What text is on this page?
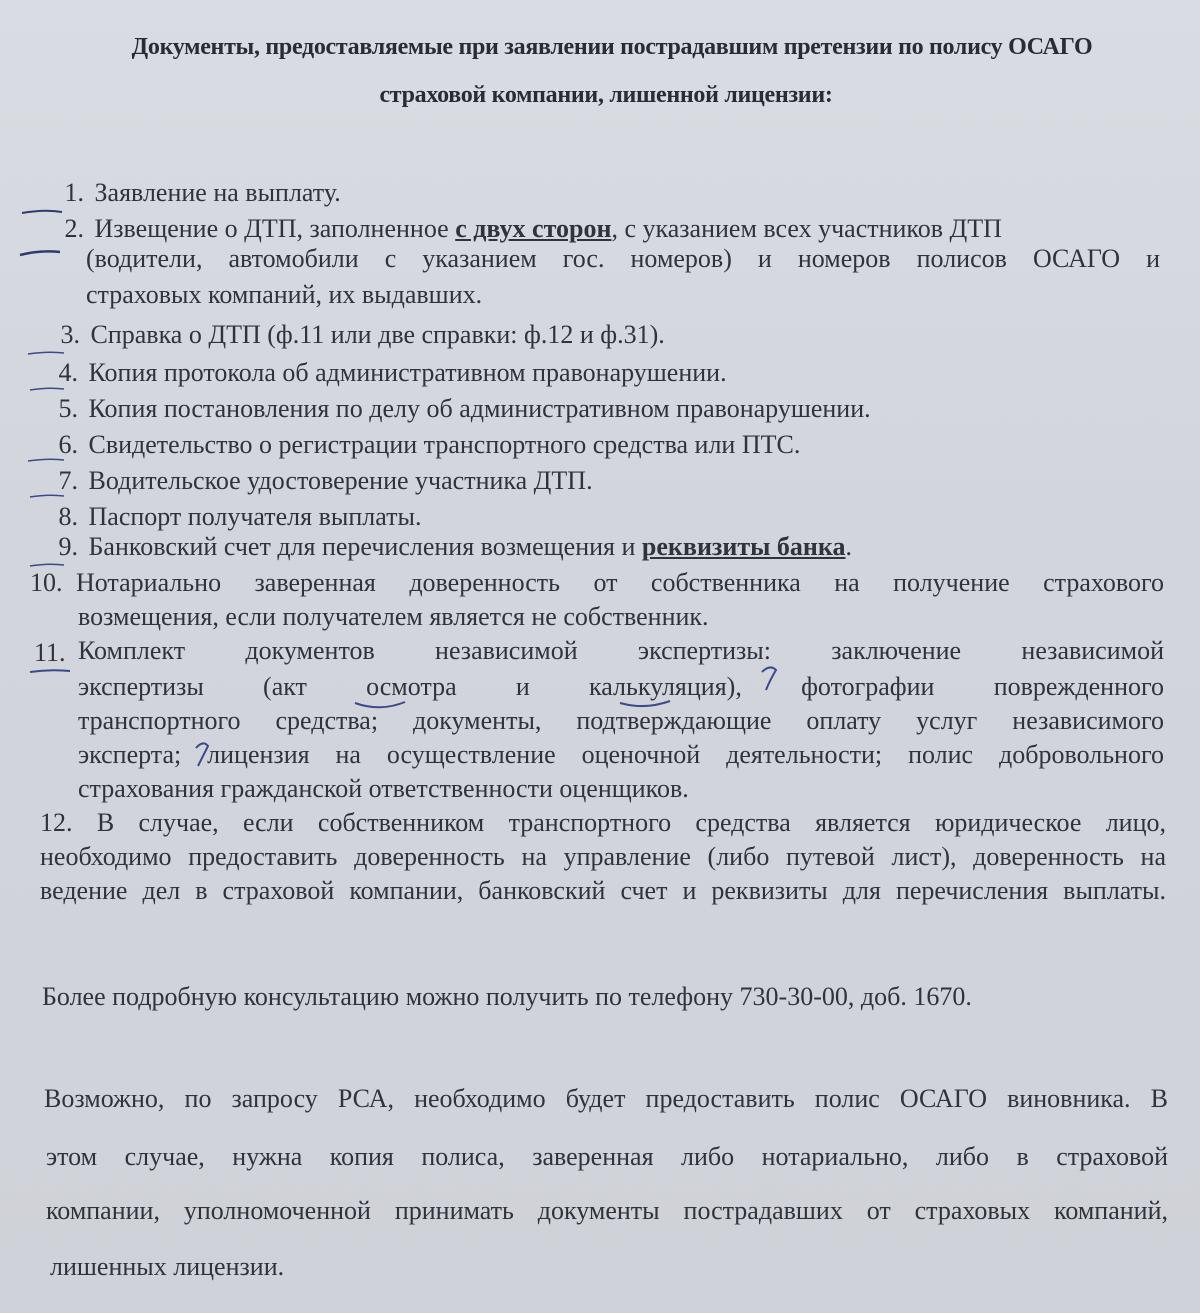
Документы, предоставляемые при заявлении пострадавшим претензии по полису ОСАГО
страховой компании, лишенной лицензии:
1. Заявление на выплату.
2. Извещение о ДТП, заполненное с двух сторон, с указанием всех участников ДТП
(водители, автомобили с указанием гос. номеров) и номеров полисов ОСАГО и
страховых компаний, их выдавших.
3. Справка о ДТП (ф.11 или две справки: ф.12 и ф.31).
4. Копия протокола об административном правонарушении.
5. Копия постановления по делу об административном правонарушении.
6. Свидетельство о регистрации транспортного средства или ПТС.
7. Водительское удостоверение участника ДТП.
8. Паспорт получателя выплаты.
9. Банковский счет для перечисления возмещения и реквизиты банка.
10. Нотариально заверенная доверенность от собственника на получение страхового
возмещения, если получателем является не собственник.
11. Комплект документов независимой экспертизы: заключение независимой
экспертизы (акт осмотра и калькуляция), фотографии поврежденного
транспортного средства; документы, подтверждающие оплату услуг независимого
эксперта; лицензия на осуществление оценочной деятельности; полис добровольного
страхования гражданской ответственности оценщиков.
12. В случае, если собственником транспортного средства является юридическое лицо,
необходимо предоставить доверенность на управление (либо путевой лист), доверенность на
ведение дел в страховой компании, банковский счет и реквизиты для перечисления выплаты.
Более подробную консультацию можно получить по телефону 730-30-00, доб. 1670.
Возможно, по запросу РСА, необходимо будет предоставить полис ОСАГО виновника. В
этом случае, нужна копия полиса, заверенная либо нотариально, либо в страховой
компании, уполномоченной принимать документы пострадавших от страховых компаний,
лишенных лицензии.
